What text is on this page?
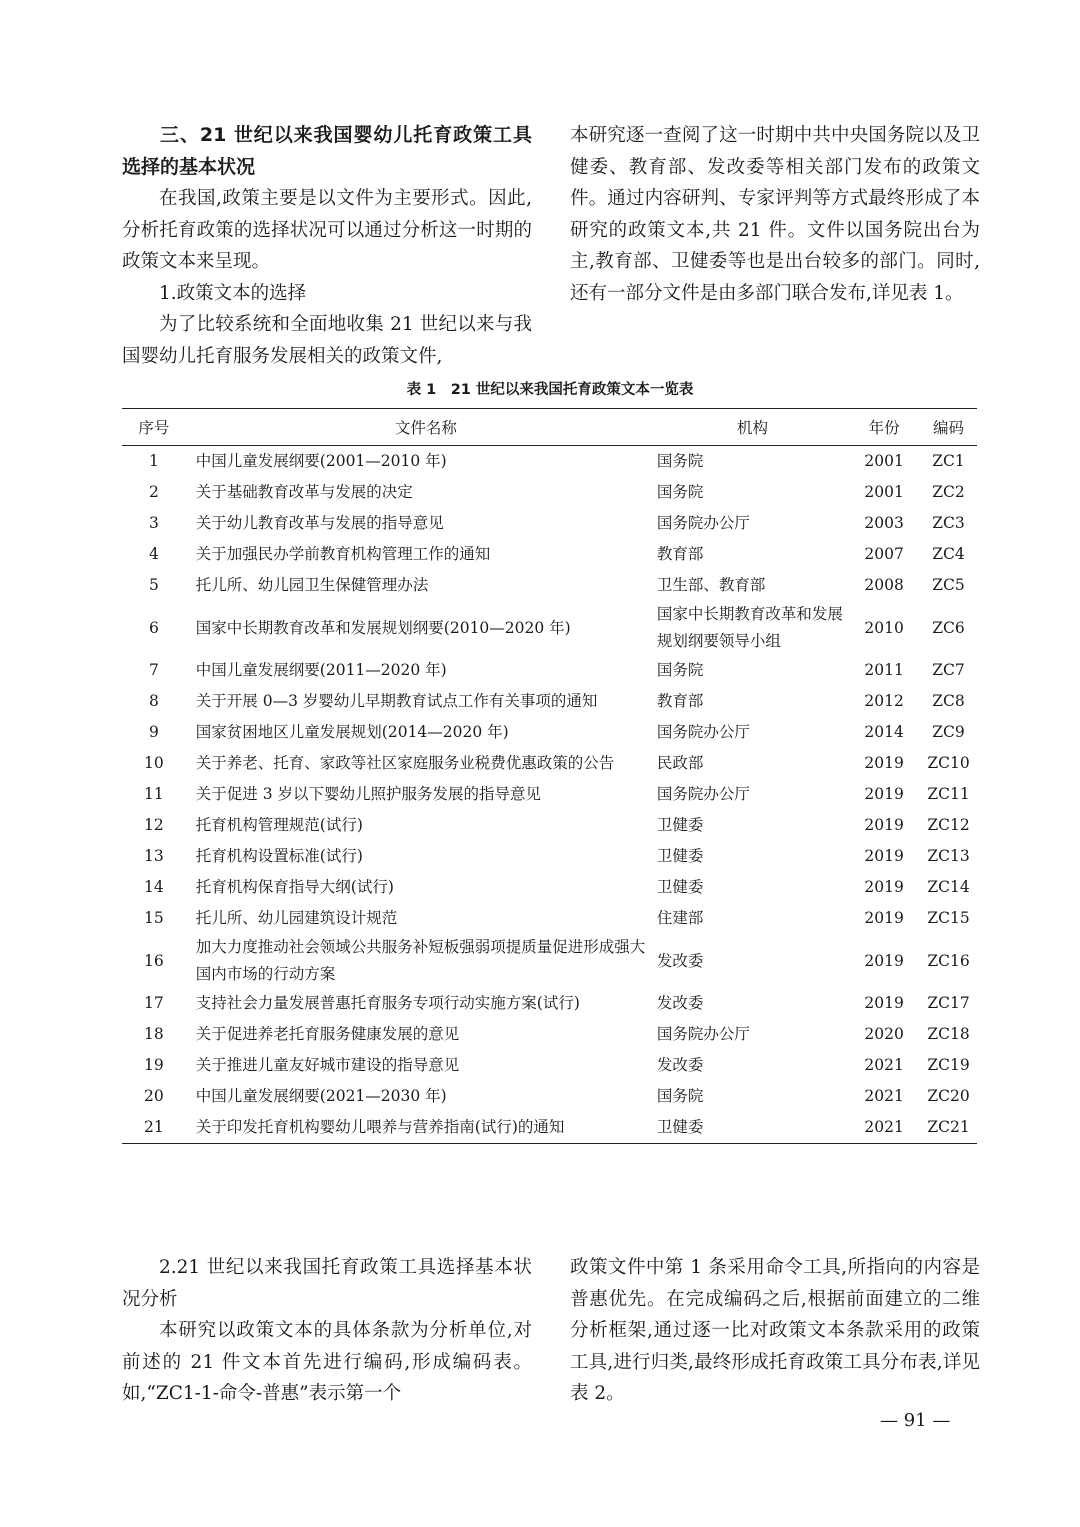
三、21 世纪以来我国婴幼儿托育政策工具选择的基本状况

在我国,政策主要是以文件为主要形式。因此,分析托育政策的选择状况可以通过分析这一时期的政策文本来呈现。

1.政策文本的选择

为了比较系统和全面地收集 21 世纪以来与我国婴幼儿托育服务发展相关的政策文件,

本研究逐一查阅了这一时期中共中央国务院以及卫健委、教育部、发改委等相关部门发布的政策文件。通过内容研判、专家评判等方式最终形成了本研究的政策文本,共 21 件。文件以国务院出台为主,教育部、卫健委等也是出台较多的部门。同时,还有一部分文件是由多部门联合发布,详见表 1。

表 1　21 世纪以来我国托育政策文本一览表
序号	文件名称	机构	年份	编码
1	中国儿童发展纲要(2001—2010 年)	国务院	2001	ZC1
2	关于基础教育改革与发展的决定	国务院	2001	ZC2
3	关于幼儿教育改革与发展的指导意见	国务院办公厅	2003	ZC3
4	关于加强民办学前教育机构管理工作的通知	教育部	2007	ZC4
5	托儿所、幼儿园卫生保健管理办法	卫生部、教育部	2008	ZC5
6	国家中长期教育改革和发展规划纲要(2010—2020 年)	国家中长期教育改革和发展规划纲要领导小组	2010	ZC6
7	中国儿童发展纲要(2011—2020 年)	国务院	2011	ZC7
8	关于开展 0—3 岁婴幼儿早期教育试点工作有关事项的通知	教育部	2012	ZC8
9	国家贫困地区儿童发展规划(2014—2020 年)	国务院办公厅	2014	ZC9
10	关于养老、托育、家政等社区家庭服务业税费优惠政策的公告	民政部	2019	ZC10
11	关于促进 3 岁以下婴幼儿照护服务发展的指导意见	国务院办公厅	2019	ZC11
12	托育机构管理规范(试行)	卫健委	2019	ZC12
13	托育机构设置标准(试行)	卫健委	2019	ZC13
14	托育机构保育指导大纲(试行)	卫健委	2019	ZC14
15	托儿所、幼儿园建筑设计规范	住建部	2019	ZC15
16	加大力度推动社会领域公共服务补短板强弱项提质量促进形成强大国内市场的行动方案	发改委	2019	ZC16
17	支持社会力量发展普惠托育服务专项行动实施方案(试行)	发改委	2019	ZC17
18	关于促进养老托育服务健康发展的意见	国务院办公厅	2020	ZC18
19	关于推进儿童友好城市建设的指导意见	发改委	2021	ZC19
20	中国儿童发展纲要(2021—2030 年)	国务院	2021	ZC20
21	关于印发托育机构婴幼儿喂养与营养指南(试行)的通知	卫健委	2021	ZC21

2.21 世纪以来我国托育政策工具选择基本状况分析

本研究以政策文本的具体条款为分析单位,对前述的 21 件文本首先进行编码,形成编码表。如,“ZC1-1-命令-普惠”表示第一个

政策文件中第 1 条采用命令工具,所指向的内容是普惠优先。在完成编码之后,根据前面建立的二维分析框架,通过逐一比对政策文本条款采用的政策工具,进行归类,最终形成托育政策工具分布表,详见表 2。

— 91 —
